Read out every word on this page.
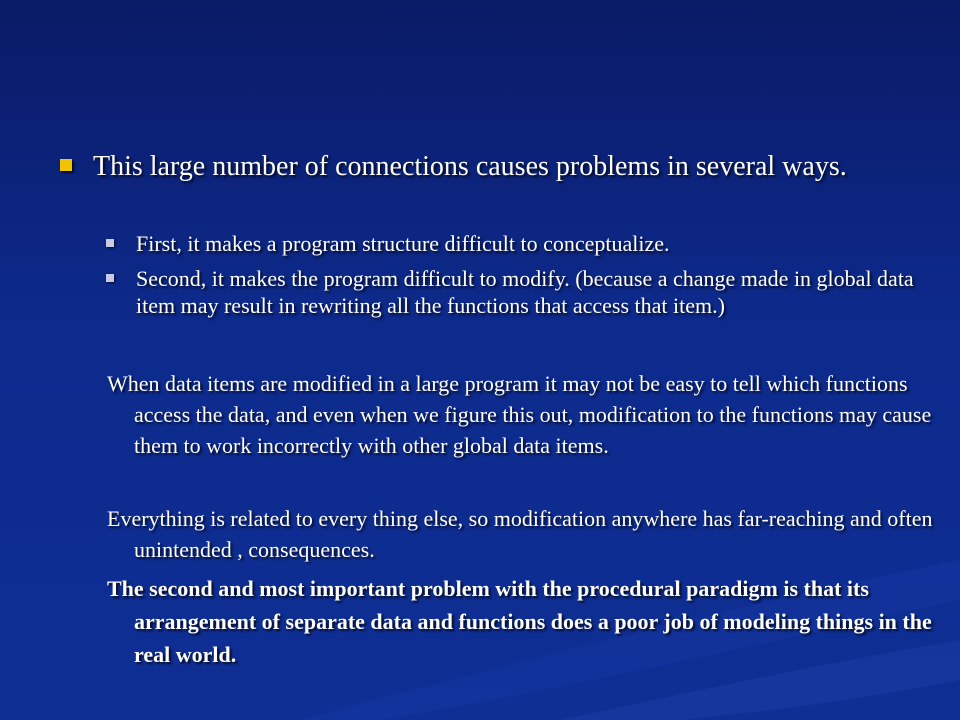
This large number of connections causes problems in several ways.
First, it makes a program structure difficult to conceptualize.
Second, it makes the program difficult to modify. (because a change made in global data item may result in rewriting all the functions that access that item.)
When data items are modified in a large program it may not be easy to tell which functions access the data, and even when we figure this out, modification to the functions may cause them to work incorrectly with other global data items.
Everything is related to every thing else, so modification anywhere has far-reaching and often unintended , consequences.
The second and most important problem with the procedural paradigm is that its arrangement of separate data and functions does a poor job of modeling things in the real world.
